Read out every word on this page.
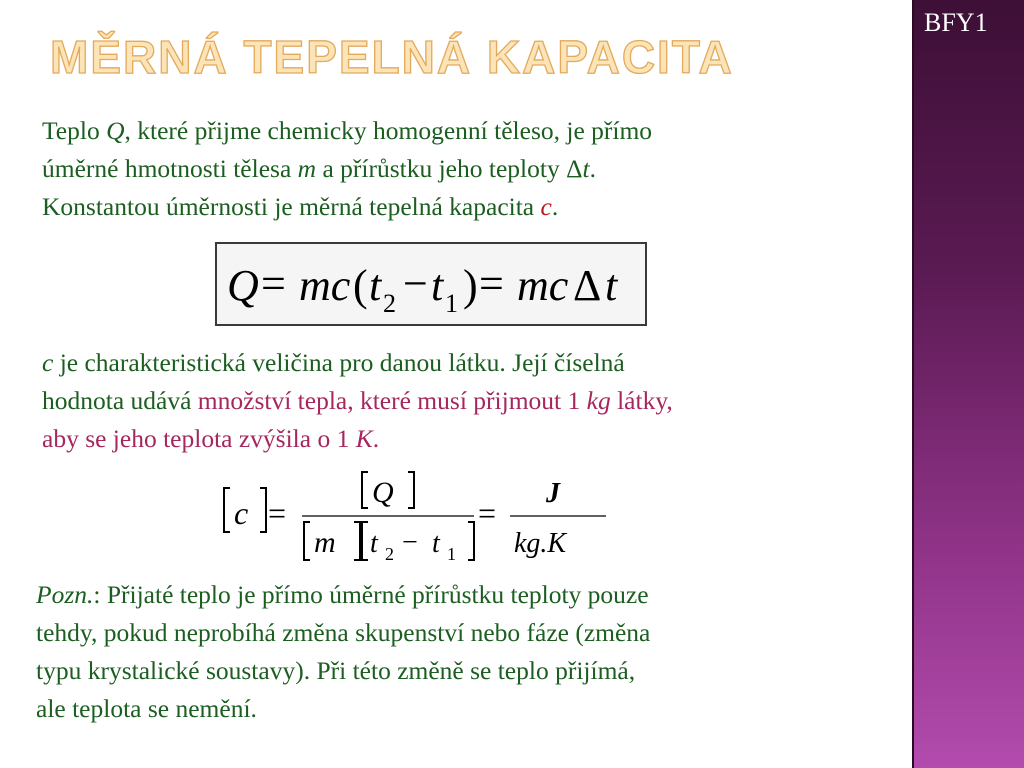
BFY1
MĚRNÁ TEPELNÁ KAPACITA
Teplo Q, které přijme chemicky homogenní těleso, je přímo
úměrné hmotnosti tělesa m a přírůstku jeho teploty Δt.
Konstantou úměrnosti je měrná tepelná kapacita c.
Q = mc ( t 2 − t 1 ) = mc Δ t
c je charakteristická veličina pro danou látku. Její číselná
hodnota udává množství tepla, které musí přijmout 1 kg látky,
aby se jeho teplota zvýšila o 1 K.
c =
Q
m t 2 − t 1
=
J
kg.K
Pozn.: Přijaté teplo je přímo úměrné přírůstku teploty pouze
tehdy, pokud neprobíhá změna skupenství nebo fáze (změna
typu krystalické soustavy). Při této změně se teplo přijímá,
ale teplota se nemění.
